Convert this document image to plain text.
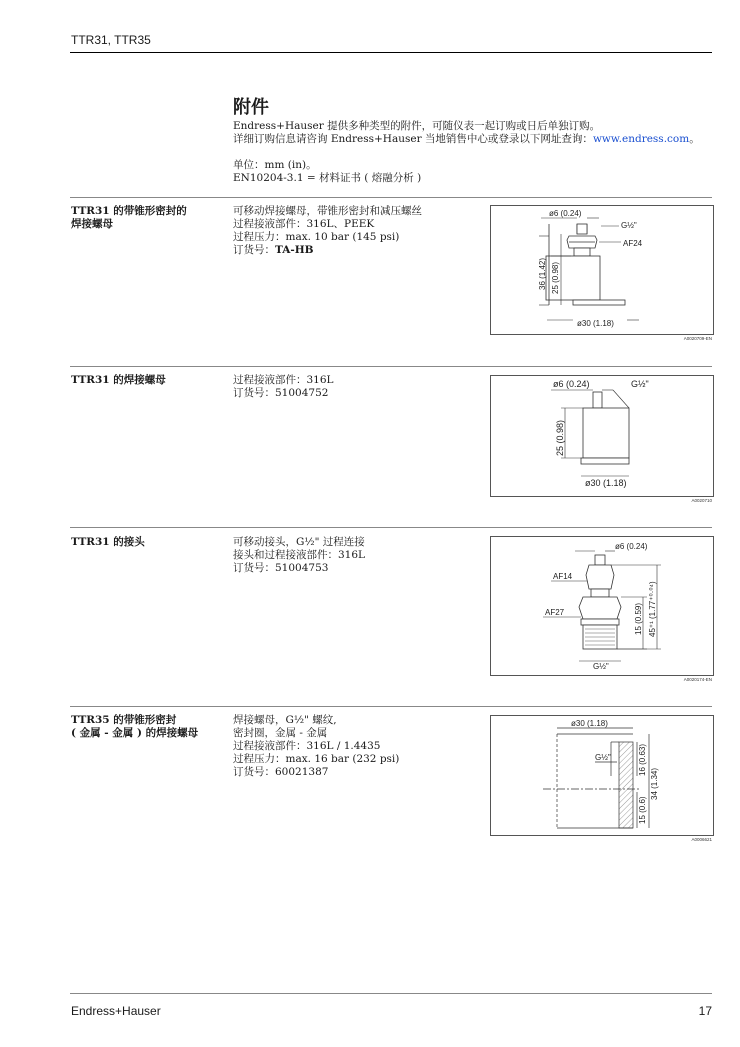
TTR31, TTR35
附件
Endress+Hauser 提供多种类型的附件，可随仪表一起订购或日后单独订购。
详细订购信息请咨询 Endress+Hauser 当地销售中心或登录以下网址查询：www.endress.com。
单位：mm (in)。
EN10204-3.1 = 材料证书 ( 熔融分析 )
TTR31 的带锥形密封的
焊接螺母
可移动焊接螺母，带锥形密封和减压螺丝
过程接液部件：316L、PEEK
过程压力：max. 10 bar (145 psi)
订货号：TA-HB
ø6 (0.24)
G½"
AF24
36 (1.42) 25 (0.98)
ø30 (1.18)
A0020709-EN
TTR31 的焊接螺母	过程接液部件：316L
订货号：51004752
ø6 (0.24)	G½"
25 (0.98)
ø30 (1.18)
A0020710
TTR31 的接头	可移动接头，G½" 过程连接
接头和过程接液部件：316L
订货号：51004753
ø6 (0.24)
AF14
AF27	15 (0.59) 45⁺¹ (1.77⁺⁰·⁰⁴)
G½"
A0020174-EN
TTR35 的带锥形密封
( 金属 - 金属 ) 的焊接螺母
焊接螺母，G½" 螺纹,
密封圈，金属 - 金属
过程接液部件：316L / 1.4435
过程压力：max. 16 bar (232 psi)
订货号：60021387
ø30 (1.18)
G½"	16 (0.63)
34 (1.34)
15 (0.6)
A0006621
Endress+Hauser	17
